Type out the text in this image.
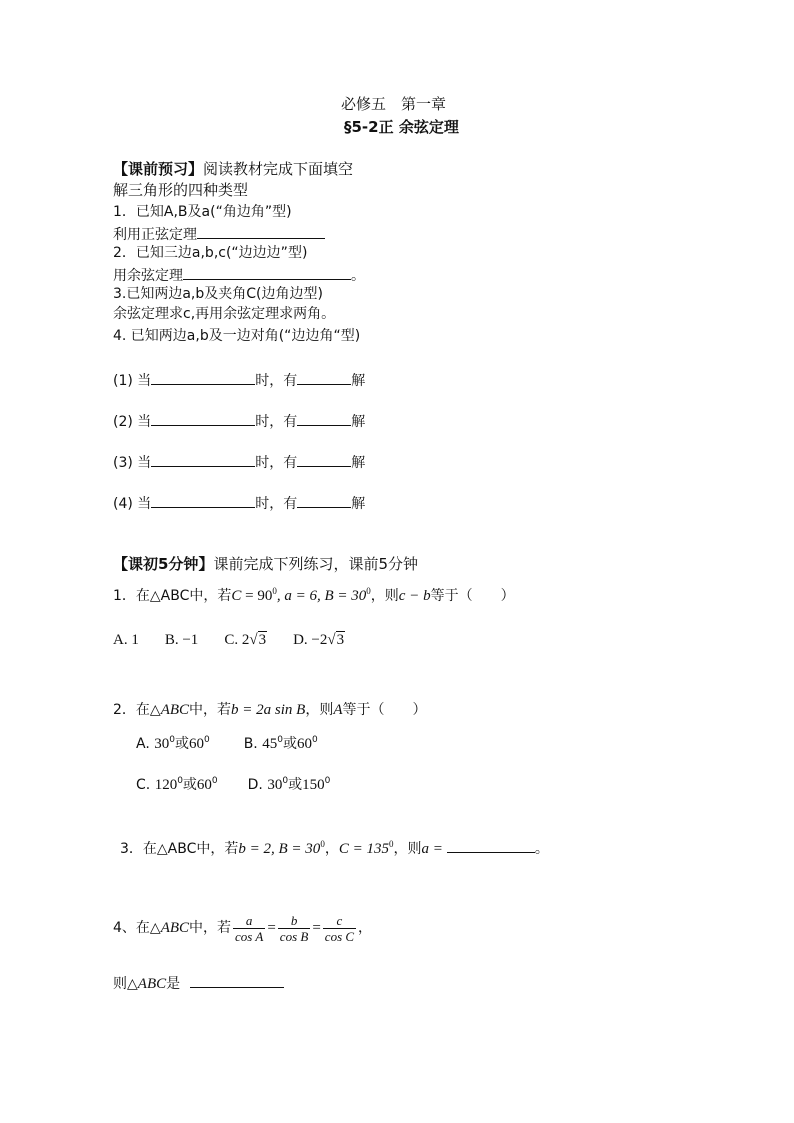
必修五　第一章
§5-2正 余弦定理
【课前预习】阅读教材完成下面填空
解三角形的四种类型
1．已知A,B及a(“角边角”型)
利用正弦定理
2．已知三边a,b,c(“边边边”型)
用余弦定理	。
3.已知两边a,b及夹角C(边角边型)
余弦定理求c,再用余弦定理求两角。
4. 已知两边a,b及一边对角(“边边角“型)
(1) 当	时，有	解
(2) 当	时，有	解
(3) 当	时，有	解
(4) 当	时，有	解
【课初5分钟】课前完成下列练习，课前5分钟
1．在△ABC中，若$C = 90^0$, a = 6, $B = 30^0$，则c − b等于（　　）
A. 1 B. −1 C. 2√3 D. −2√3
2．在△ABC中，若b = 2a sin B，则A等于（　　）
A. $30^0$或$60^0$ B. $45^0$或$60^0$
C. $120^0$或$60^0$ D. $30^0$或$150^0$
3．在△ABC中，若b = 2, $B = 30^0$，$C = 135^0$，则a =	。
4、在△ABC中，若 $\frac{a}{\text{cos A}} = \frac{b}{\text{cos B}} = \frac{c}{\text{cos C}}$ ，
则△ABC是
